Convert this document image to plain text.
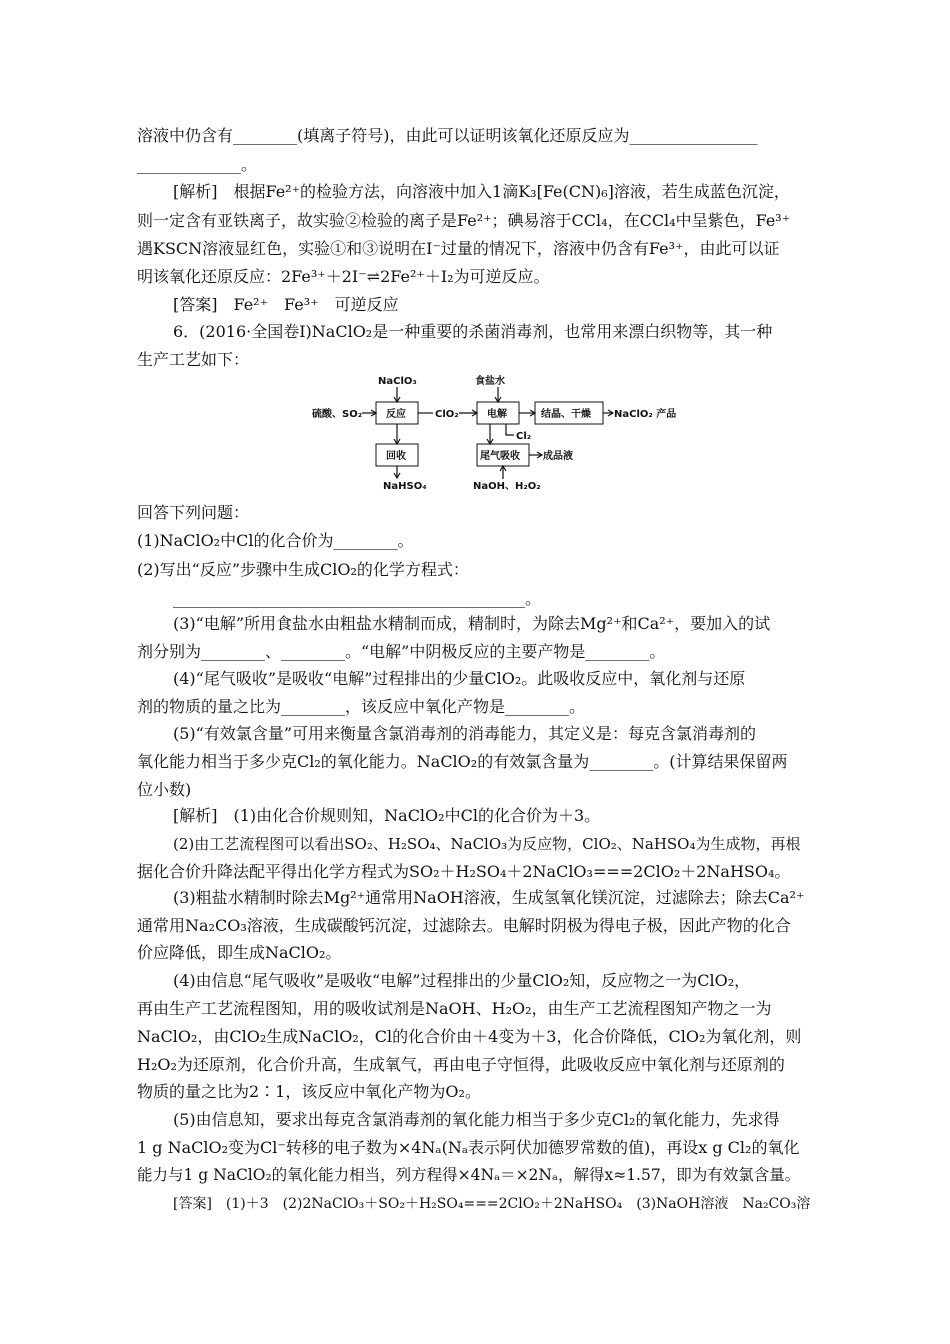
溶液中仍含有________(填离子符号)，由此可以证明该氧化还原反应为________________
_____________。
[解析]　根据Fe²⁺的检验方法，向溶液中加入1滴K₃[Fe(CN)₆]溶液，若生成蓝色沉淀，
则一定含有亚铁离子，故实验②检验的离子是Fe²⁺；碘易溶于CCl₄，在CCl₄中呈紫色，Fe³⁺
遇KSCN溶液显红色，实验①和③说明在I⁻过量的情况下，溶液中仍含有Fe³⁺，由此可以证
明该氧化还原反应：2Fe³⁺＋2I⁻⇌2Fe²⁺＋I₂为可逆反应。
[答案]　Fe²⁺　Fe³⁺　可逆反应
6．(2016·全国卷Ⅰ)NaClO₂是一种重要的杀菌消毒剂，也常用来漂白织物等，其一种
生产工艺如下：
NaClO₃
硫酸、SO₂ 反应	ClO₂
食盐水
电解
Cl₂
结晶、干燥 NaClO₂ 产品
回收
NaHSO₄
尾气吸收 成品液
NaOH、H₂O₂
回答下列问题：
(1)NaClO₂中Cl的化合价为________。
(2)写出“反应”步骤中生成ClO₂的化学方程式：
____________________________________________。
(3)“电解”所用食盐水由粗盐水精制而成，精制时，为除去Mg²⁺和Ca²⁺，要加入的试
剂分别为________、________。“电解”中阴极反应的主要产物是________。
(4)“尾气吸收”是吸收“电解”过程排出的少量ClO₂。此吸收反应中，氧化剂与还原
剂的物质的量之比为________，该反应中氧化产物是________。
(5)“有效氯含量”可用来衡量含氯消毒剂的消毒能力，其定义是：每克含氯消毒剂的
氧化能力相当于多少克Cl₂的氧化能力。NaClO₂的有效氯含量为________。(计算结果保留两
位小数)
[解析]　(1)由化合价规则知，NaClO₂中Cl的化合价为＋3。
(2)由工艺流程图可以看出SO₂、H₂SO₄、NaClO₃为反应物，ClO₂、NaHSO₄为生成物，再根
据化合价升降法配平得出化学方程式为SO₂＋H₂SO₄＋2NaClO₃===2ClO₂＋2NaHSO₄。
(3)粗盐水精制时除去Mg²⁺通常用NaOH溶液，生成氢氧化镁沉淀，过滤除去；除去Ca²⁺
通常用Na₂CO₃溶液，生成碳酸钙沉淀，过滤除去。电解时阴极为得电子极，因此产物的化合
价应降低，即生成NaClO₂。
(4)由信息“尾气吸收”是吸收“电解”过程排出的少量ClO₂知，反应物之一为ClO₂，
再由生产工艺流程图知，用的吸收试剂是NaOH、H₂O₂，由生产工艺流程图知产物之一为
NaClO₂，由ClO₂生成NaClO₂，Cl的化合价由＋4变为＋3，化合价降低，ClO₂为氧化剂，则
H₂O₂为还原剂，化合价升高，生成氧气，再由电子守恒得，此吸收反应中氧化剂与还原剂的
物质的量之比为2∶1，该反应中氧化产物为O₂。
(5)由信息知，要求出每克含氯消毒剂的氧化能力相当于多少克Cl₂的氧化能力，先求得
1 g NaClO₂变为Cl⁻转移的电子数为×4Nₐ(Nₐ表示阿伏加德罗常数的值)，再设x g Cl₂的氧化
能力与1 g NaClO₂的氧化能力相当，列方程得×4Nₐ＝×2Nₐ，解得x≈1.57，即为有效氯含量。
[答案]　(1)＋3　(2)2NaClO₃＋SO₂＋H₂SO₄===2ClO₂＋2NaHSO₄　(3)NaOH溶液　Na₂CO₃溶
